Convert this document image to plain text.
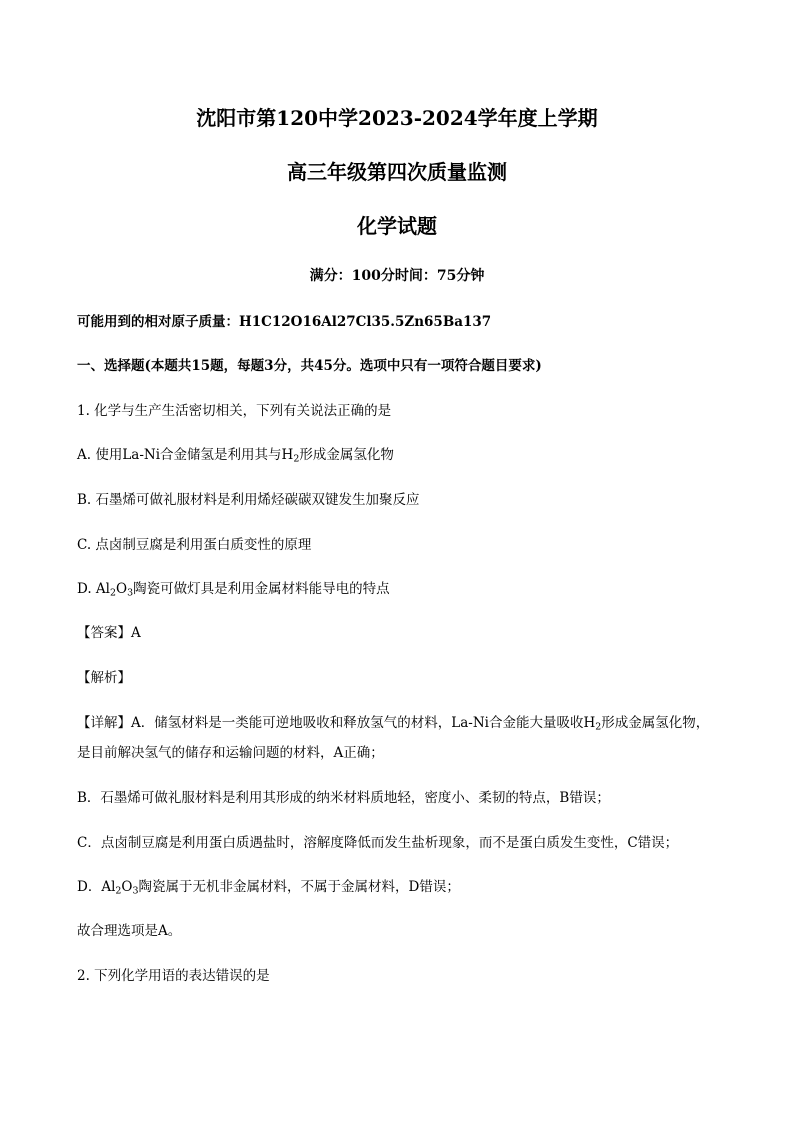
沈阳市第120中学2023-2024学年度上学期
高三年级第四次质量监测
化学试题
满分：100分时间：75分钟
可能用到的相对原子质量：H1C12O16Al27Cl35.5Zn65Ba137
一、选择题(本题共15题，每题3分，共45分。选项中只有一项符合题目要求)
1. 化学与生产生活密切相关，下列有关说法正确的是
A. 使用La-Ni合金储氢是利用其与$H_2$形成金属氢化物
B. 石墨烯可做礼服材料是利用烯烃碳碳双键发生加聚反应
C. 点卤制豆腐是利用蛋白质变性的原理
D. $Al_2O_3$陶瓷可做灯具是利用金属材料能导电的特点
【答案】A
【解析】
【详解】A．储氢材料是一类能可逆地吸收和释放氢气的材料，La-Ni合金能大量吸收$H_2$形成金属氢化物，
是目前解决氢气的储存和运输问题的材料，A正确；
B．石墨烯可做礼服材料是利用其形成的纳米材料质地轻，密度小、柔韧的特点，B错误；
C．点卤制豆腐是利用蛋白质遇盐时，溶解度降低而发生盐析现象，而不是蛋白质发生变性，C错误；
D．$Al_2O_3$陶瓷属于无机非金属材料，不属于金属材料，D错误；
故合理选项是A。
2. 下列化学用语的表达错误的是
